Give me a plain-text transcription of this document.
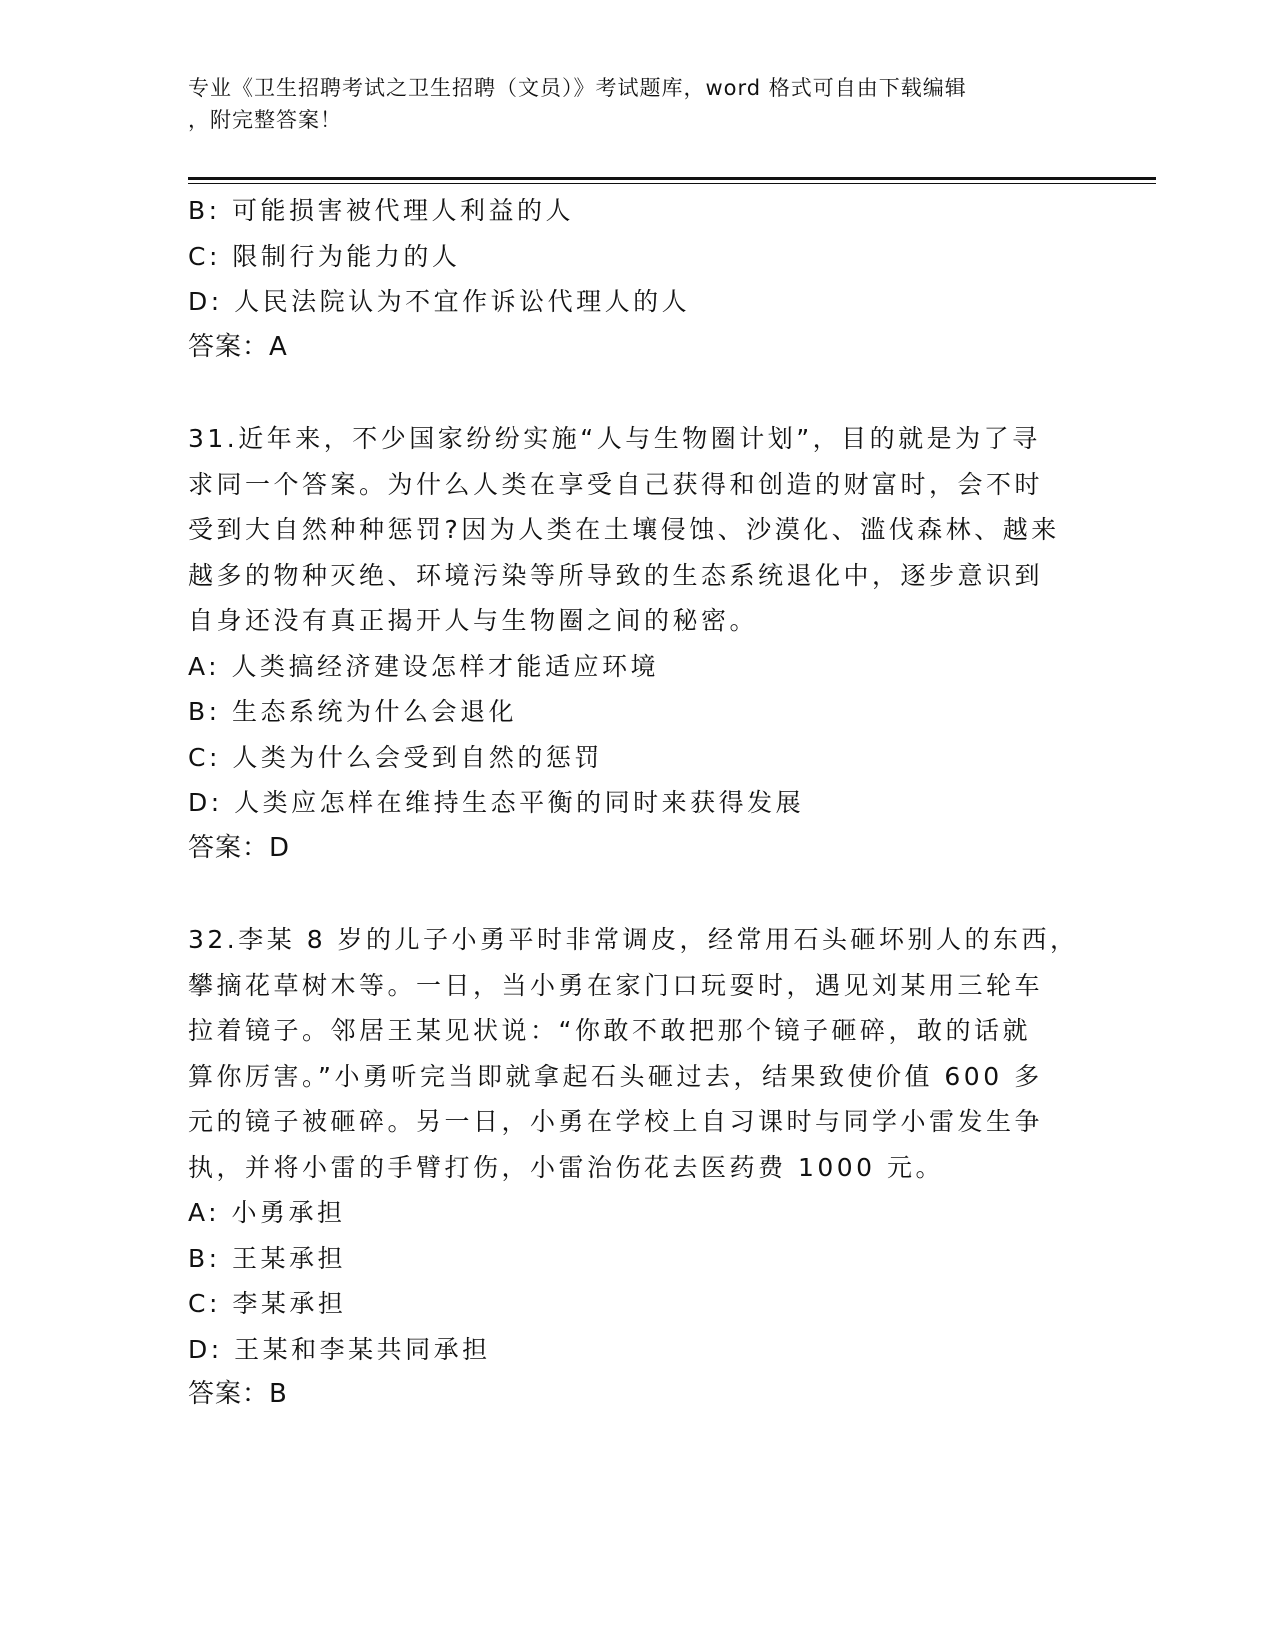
专业《卫生招聘考试之卫生招聘（文员）》考试题库，word 格式可自由下载编辑
，附完整答案！
B: 可能损害被代理人利益的人
C: 限制行为能力的人
D: 人民法院认为不宜作诉讼代理人的人
答案：A
31.近年来，不少国家纷纷实施“人与生物圈计划”，目的就是为了寻
求同一个答案。为什么人类在享受自己获得和创造的财富时，会不时
受到大自然种种惩罚?因为人类在土壤侵蚀、沙漠化、滥伐森林、越来
越多的物种灭绝、环境污染等所导致的生态系统退化中，逐步意识到
自身还没有真正揭开人与生物圈之间的秘密。
A: 人类搞经济建设怎样才能适应环境
B: 生态系统为什么会退化
C: 人类为什么会受到自然的惩罚
D: 人类应怎样在维持生态平衡的同时来获得发展
答案：D
32.李某 8 岁的儿子小勇平时非常调皮，经常用石头砸坏别人的东西，
攀摘花草树木等。一日，当小勇在家门口玩耍时，遇见刘某用三轮车
拉着镜子。邻居王某见状说：“你敢不敢把那个镜子砸碎，敢的话就
算你厉害。”小勇听完当即就拿起石头砸过去，结果致使价值 600 多
元的镜子被砸碎。另一日，小勇在学校上自习课时与同学小雷发生争
执，并将小雷的手臂打伤，小雷治伤花去医药费 1000 元。
A: 小勇承担
B: 王某承担
C: 李某承担
D: 王某和李某共同承担
答案：B
